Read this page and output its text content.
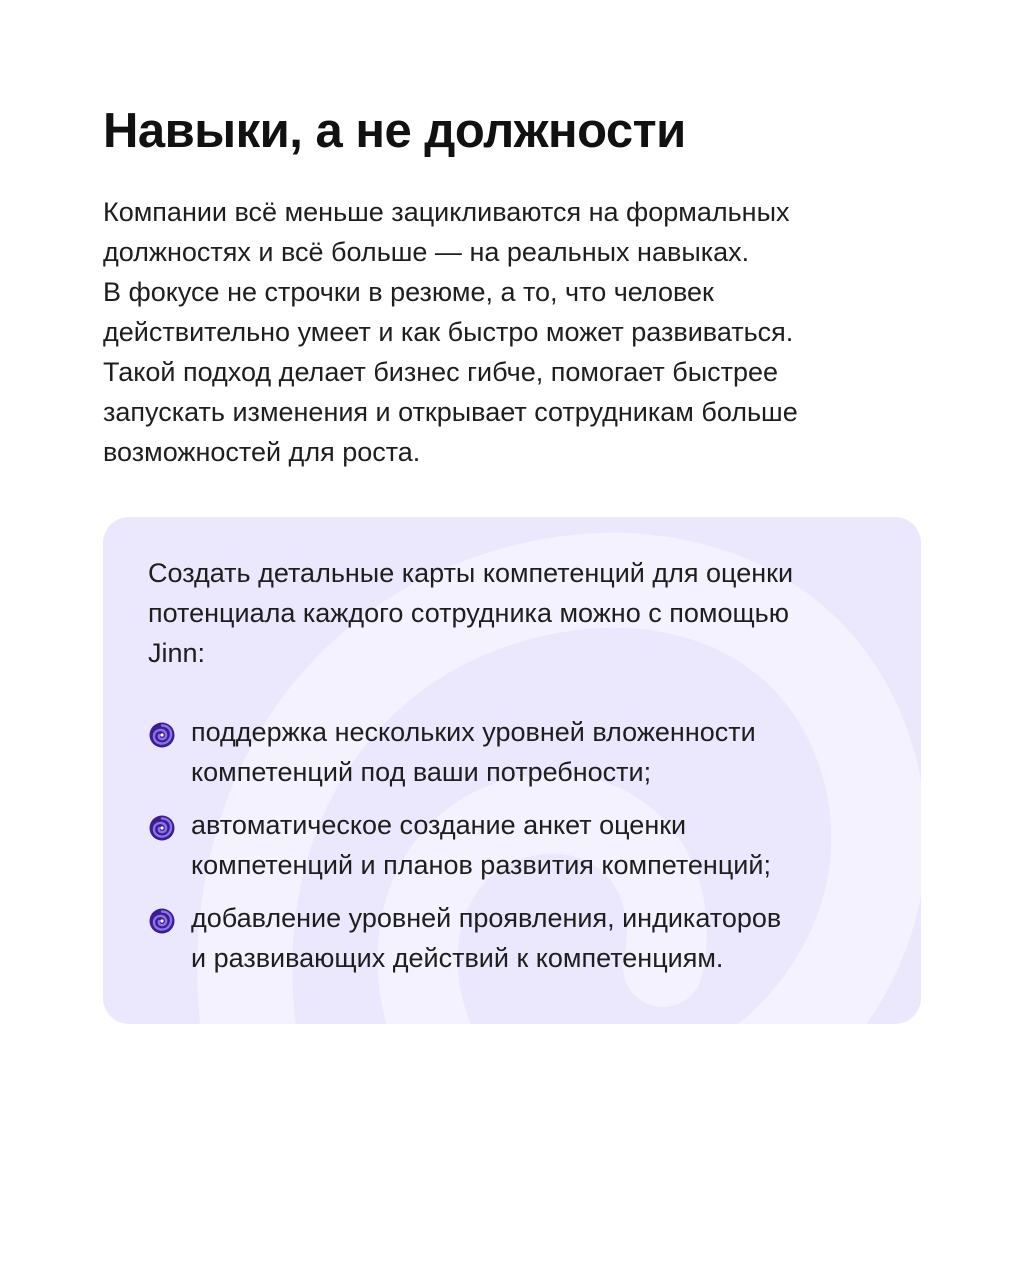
Навыки, а не должности
Компании всё меньше зацикливаются на формальных
должностях и всё больше — на реальных навыках.
В фокусе не строчки в резюме, а то, что человек
действительно умеет и как быстро может развиваться.
Такой подход делает бизнес гибче, помогает быстрее
запускать изменения и открывает сотрудникам больше
возможностей для роста.
Создать детальные карты компетенций для оценки
потенциала каждого сотрудника можно с помощью
Jinn:
поддержка нескольких уровней вложенности
компетенций под ваши потребности;
автоматическое создание анкет оценки
компетенций и планов развития компетенций;
добавление уровней проявления, индикаторов
и развивающих действий к компетенциям.
